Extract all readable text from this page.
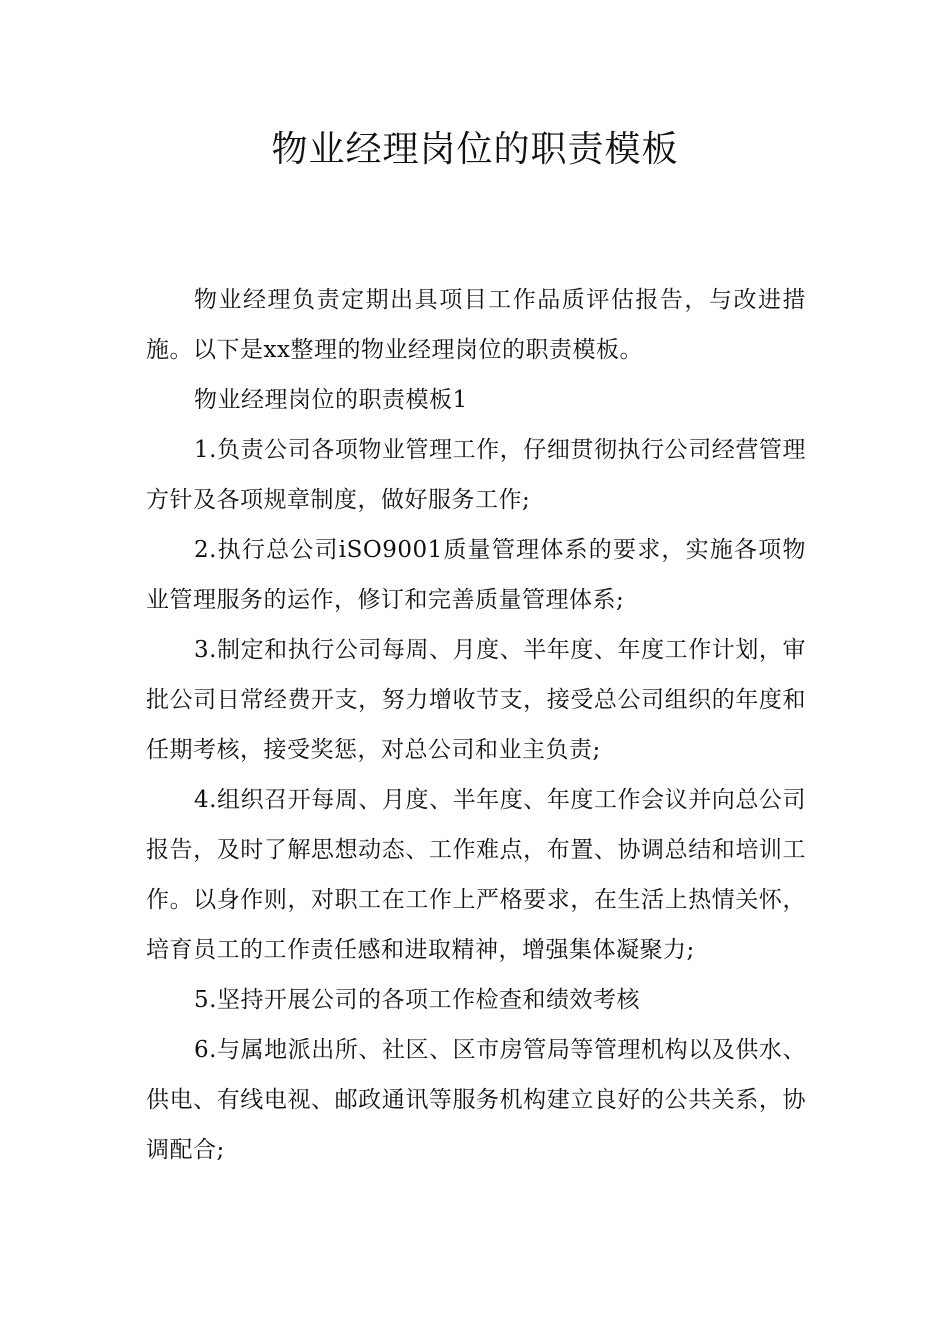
物业经理岗位的职责模板

物业经理负责定期出具项目工作品质评估报告，与改进措施。以下是xx整理的物业经理岗位的职责模板。

物业经理岗位的职责模板1

1.负责公司各项物业管理工作，仔细贯彻执行公司经营管理方针及各项规章制度，做好服务工作;

2.执行总公司iSO9001质量管理体系的要求，实施各项物业管理服务的运作，修订和完善质量管理体系;

3.制定和执行公司每周、月度、半年度、年度工作计划，审批公司日常经费开支，努力增收节支，接受总公司组织的年度和任期考核，接受奖惩，对总公司和业主负责;

4.组织召开每周、月度、半年度、年度工作会议并向总公司报告，及时了解思想动态、工作难点，布置、协调总结和培训工作。以身作则，对职工在工作上严格要求，在生活上热情关怀，培育员工的工作责任感和进取精神，增强集体凝聚力;

5.坚持开展公司的各项工作检查和绩效考核

6.与属地派出所、社区、区市房管局等管理机构以及供水、供电、有线电视、邮政通讯等服务机构建立良好的公共关系，协调配合;
